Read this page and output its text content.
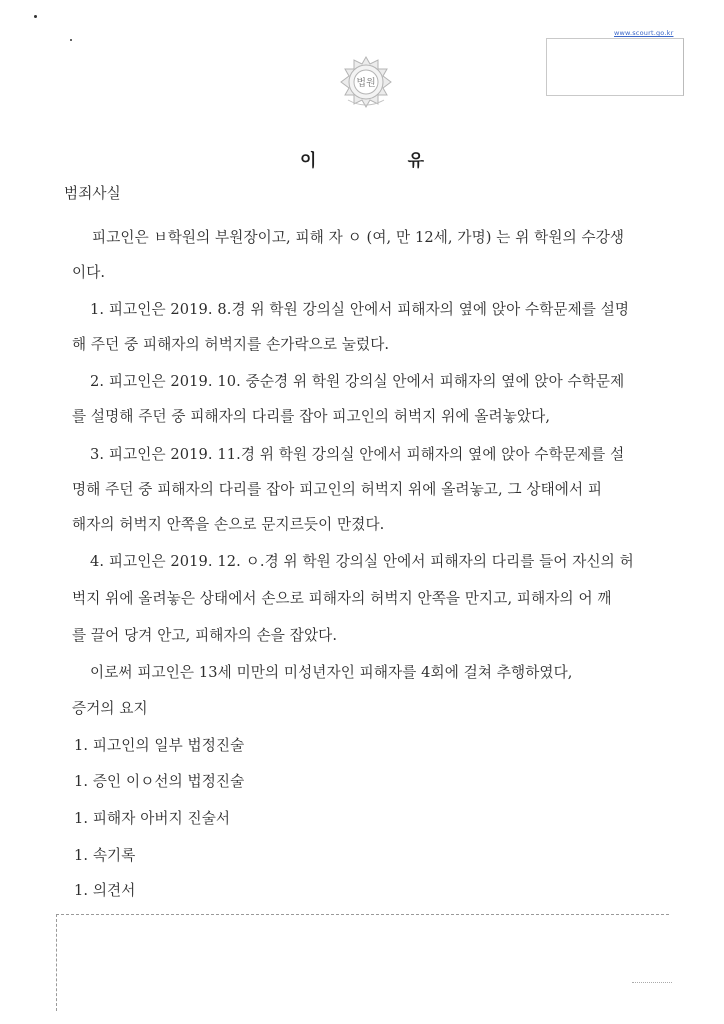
www.scourt.go.kr
법원
이	유
범죄사실
피고인은 ㅂ학원의 부원장이고, 피해 자 ㅇ (여, 만 12세, 가명) 는 위 학원의 수강생
이다.
1. 피고인은 2019. 8.경 위 학원 강의실 안에서 피해자의 옆에 앉아 수학문제를 설명
해 주던 중 피해자의 허벅지를 손가락으로 눌렀다.
2. 피고인은 2019. 10. 중순경 위 학원 강의실 안에서 피해자의 옆에 앉아 수학문제
를 설명해 주던 중 피해자의 다리를 잡아 피고인의 허벅지 위에 올려놓았다,
3. 피고인은 2019. 11.경 위 학원 강의실 안에서 피해자의 옆에 앉아 수학문제를 설
명해 주던 중 피해자의 다리를 잡아 피고인의 허벅지 위에 올려놓고, 그 상태에서 피
해자의 허벅지 안쪽을 손으로 문지르듯이 만졌다.
4. 피고인은 2019. 12. ㅇ.경 위 학원 강의실 안에서 피해자의 다리를 들어 자신의 허
벅지 위에 올려놓은 상태에서 손으로 피해자의 허벅지 안쪽을 만지고, 피해자의 어 깨
를 끌어 당겨 안고, 피해자의 손을 잡았다.
이로써 피고인은 13세 미만의 미성년자인 피해자를 4회에 걸쳐 추행하였다,
증거의 요지
1. 피고인의 일부 법정진술
1. 증인 이ㅇ선의 법정진술
1. 피해자 아버지 진술서
1. 속기록
1. 의견서
